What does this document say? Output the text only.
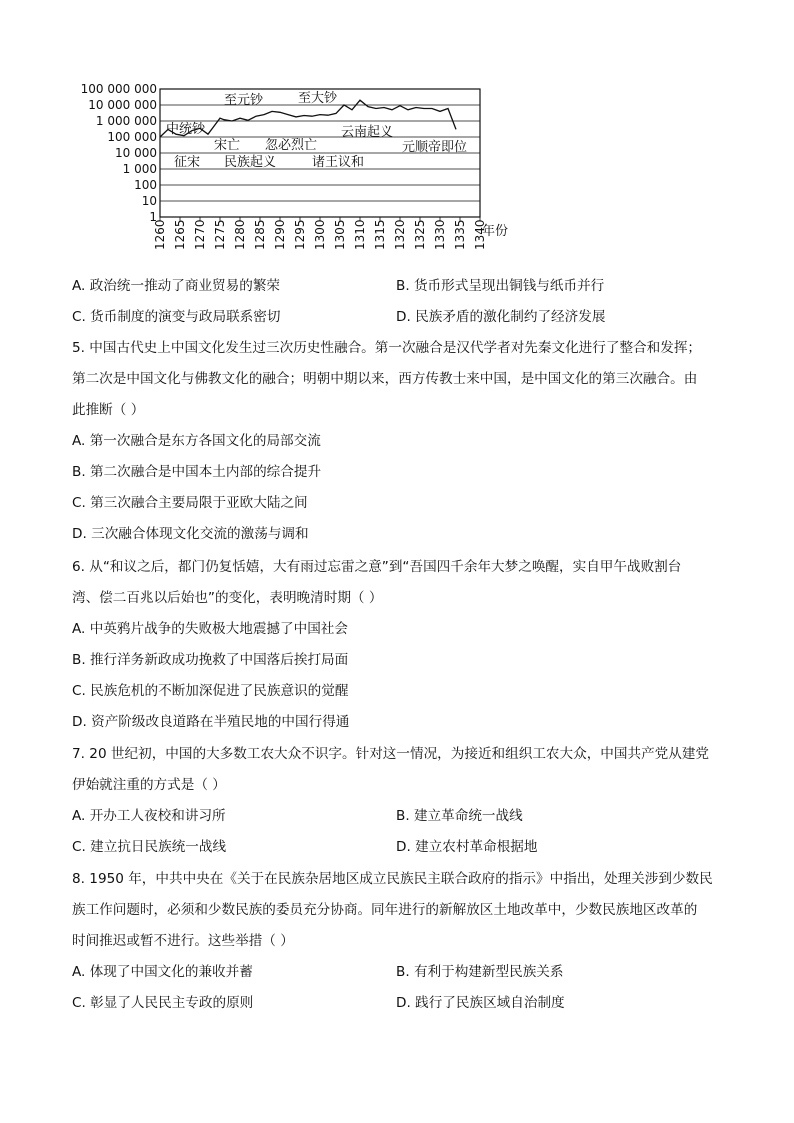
100 000 000
10 000 000
1 000 000
100 000
10 000
1 000
100
10
1
1260 1265 1270 1275 1280 1285 1290 1295 1300 1305 1310 1315 1320 1325 1330 1335 1340
至元钞	至大钞
中统钞	云南起义
宋亡 忽必烈亡	元顺帝即位
征宋 民族起义	诸王议和
年份
A. 政治统一推动了商业贸易的繁荣	B. 货币形式呈现出铜钱与纸币并行
C. 货币制度的演变与政局联系密切	D. 民族矛盾的激化制约了经济发展
5. 中国古代史上中国文化发生过三次历史性融合。第一次融合是汉代学者对先秦文化进行了整合和发挥；
第二次是中国文化与佛教文化的融合；明朝中期以来，西方传教士来中国，是中国文化的第三次融合。由
此推断（ ）
A. 第一次融合是东方各国文化的局部交流
B. 第二次融合是中国本土内部的综合提升
C. 第三次融合主要局限于亚欧大陆之间
D. 三次融合体现文化交流的激荡与调和
6. 从“和议之后，都门仍复恬嬉，大有雨过忘雷之意”到“吾国四千余年大梦之唤醒，实自甲午战败割台
湾、偿二百兆以后始也”的变化，表明晚清时期（ ）
A. 中英鸦片战争的失败极大地震撼了中国社会
B. 推行洋务新政成功挽救了中国落后挨打局面
C. 民族危机的不断加深促进了民族意识的觉醒
D. 资产阶级改良道路在半殖民地的中国行得通
7. 20 世纪初，中国的大多数工农大众不识字。针对这一情况，为接近和组织工农大众，中国共产党从建党
伊始就注重的方式是（ ）
A. 开办工人夜校和讲习所	B. 建立革命统一战线
C. 建立抗日民族统一战线	D. 建立农村革命根据地
8. 1950 年，中共中央在《关于在民族杂居地区成立民族民主联合政府的指示》中指出，处理关涉到少数民
族工作问题时，必须和少数民族的委员充分协商。同年进行的新解放区土地改革中，少数民族地区改革的
时间推迟或暂不进行。这些举措（ ）
A. 体现了中国文化的兼收并蓄	B. 有利于构建新型民族关系
C. 彰显了人民民主专政的原则	D. 践行了民族区域自治制度
